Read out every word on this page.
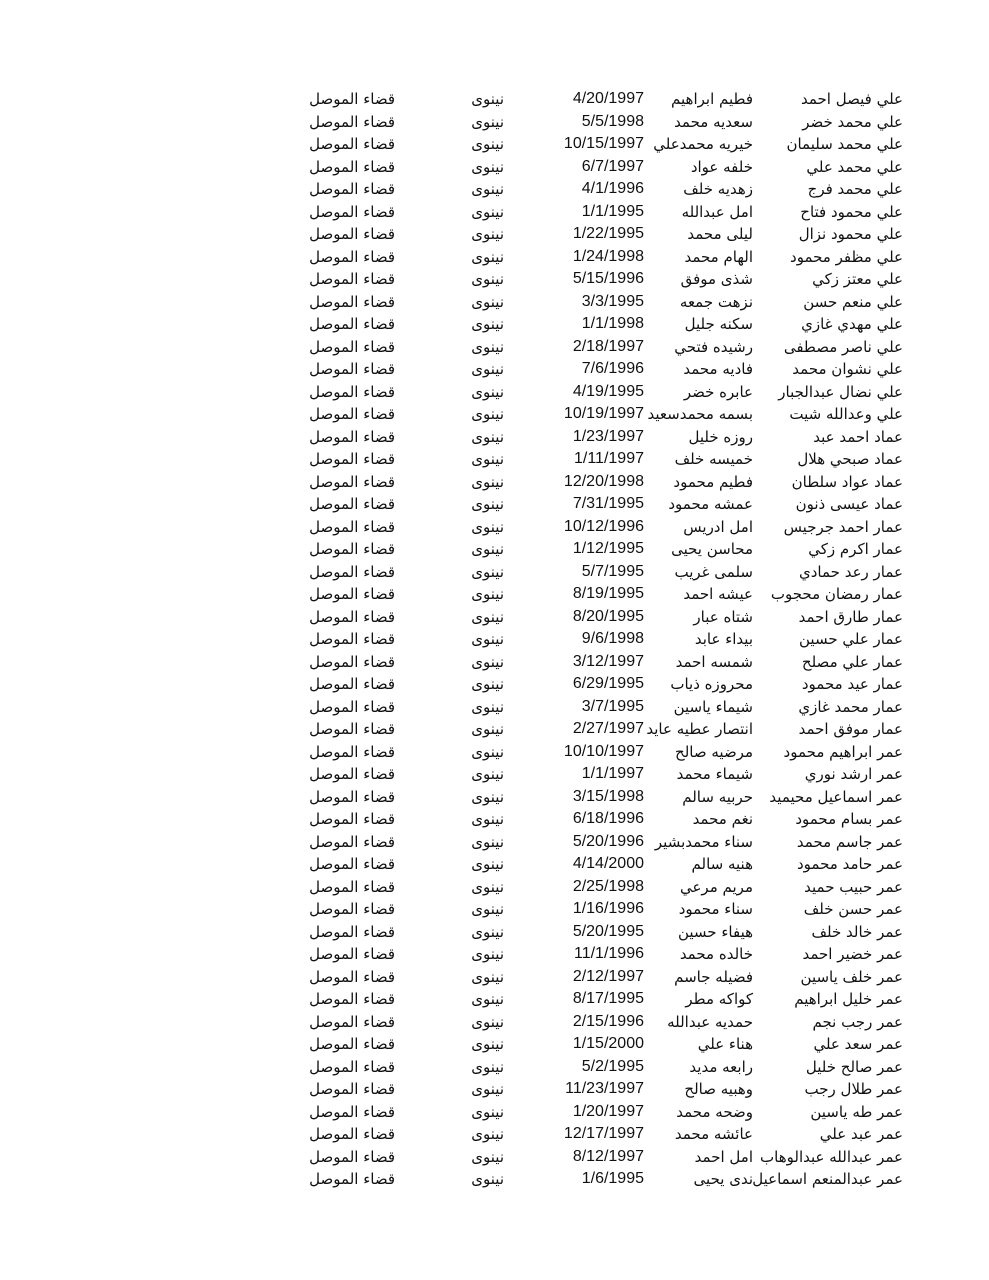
علي فيصل احمد
فطيم ابراهيم
4/20/1997
نينوى
قضاء الموصل
علي محمد خضر
سعديه محمد
5/5/1998
نينوى
قضاء الموصل
علي محمد سليمان
خيريه محمدعلي
10/15/1997
نينوى
قضاء الموصل
علي محمد علي
خلفه عواد
6/7/1997
نينوى
قضاء الموصل
علي محمد فرج
زهديه خلف
4/1/1996
نينوى
قضاء الموصل
علي محمود فتاح
امل عبدالله
1/1/1995
نينوى
قضاء الموصل
علي محمود نزال
ليلى محمد
1/22/1995
نينوى
قضاء الموصل
علي مظفر محمود
الهام محمد
1/24/1998
نينوى
قضاء الموصل
علي معتز زكي
شذى موفق
5/15/1996
نينوى
قضاء الموصل
علي منعم حسن
نزهت جمعه
3/3/1995
نينوى
قضاء الموصل
علي مهدي غازي
سكنه جليل
1/1/1998
نينوى
قضاء الموصل
علي ناصر مصطفى
رشيده فتحي
2/18/1997
نينوى
قضاء الموصل
علي نشوان محمد
فاديه محمد
7/6/1996
نينوى
قضاء الموصل
علي نضال عبدالجبار
عابره خضر
4/19/1995
نينوى
قضاء الموصل
علي وعدالله شيت
بسمه محمدسعيد
10/19/1997
نينوى
قضاء الموصل
عماد احمد عبد
روزه خليل
1/23/1997
نينوى
قضاء الموصل
عماد صبحي هلال
خميسه خلف
1/11/1997
نينوى
قضاء الموصل
عماد عواد سلطان
فطيم محمود
12/20/1998
نينوى
قضاء الموصل
عماد عيسى ذنون
عمشه محمود
7/31/1995
نينوى
قضاء الموصل
عمار احمد جرجيس
امل ادريس
10/12/1996
نينوى
قضاء الموصل
عمار اكرم زكي
محاسن يحيى
1/12/1995
نينوى
قضاء الموصل
عمار رعد حمادي
سلمى غريب
5/7/1995
نينوى
قضاء الموصل
عمار رمضان محجوب
عيشه احمد
8/19/1995
نينوى
قضاء الموصل
عمار طارق احمد
شتاه عبار
8/20/1995
نينوى
قضاء الموصل
عمار علي حسين
بيداء عابد
9/6/1998
نينوى
قضاء الموصل
عمار علي مصلح
شمسه احمد
3/12/1997
نينوى
قضاء الموصل
عمار عيد محمود
محروزه ذياب
6/29/1995
نينوى
قضاء الموصل
عمار محمد غازي
شيماء ياسين
3/7/1995
نينوى
قضاء الموصل
عمار موفق احمد
انتصار عطيه عايد
2/27/1997
نينوى
قضاء الموصل
عمر ابراهيم محمود
مرضيه صالح
10/10/1997
نينوى
قضاء الموصل
عمر ارشد نوري
شيماء محمد
1/1/1997
نينوى
قضاء الموصل
عمر اسماعيل محيميد
حربيه سالم
3/15/1998
نينوى
قضاء الموصل
عمر بسام محمود
نغم محمد
6/18/1996
نينوى
قضاء الموصل
عمر جاسم محمد
سناء محمدبشير
5/20/1996
نينوى
قضاء الموصل
عمر حامد محمود
هنيه سالم
4/14/2000
نينوى
قضاء الموصل
عمر حبيب حميد
مريم مرعي
2/25/1998
نينوى
قضاء الموصل
عمر حسن خلف
سناء محمود
1/16/1996
نينوى
قضاء الموصل
عمر خالد خلف
هيفاء حسين
5/20/1995
نينوى
قضاء الموصل
عمر خضير احمد
خالده محمد
11/1/1996
نينوى
قضاء الموصل
عمر خلف ياسين
فضيله جاسم
2/12/1997
نينوى
قضاء الموصل
عمر خليل ابراهيم
كواكه مطر
8/17/1995
نينوى
قضاء الموصل
عمر رجب نجم
حمديه عبدالله
2/15/1996
نينوى
قضاء الموصل
عمر سعد علي
هناء علي
1/15/2000
نينوى
قضاء الموصل
عمر صالح خليل
رابعه مديد
5/2/1995
نينوى
قضاء الموصل
عمر طلال رجب
وهبيه صالح
11/23/1997
نينوى
قضاء الموصل
عمر طه ياسين
وضحه محمد
1/20/1997
نينوى
قضاء الموصل
عمر عبد علي
عائشه محمد
12/17/1997
نينوى
قضاء الموصل
عمر عبدالله عبدالوهاب
امل احمد
8/12/1997
نينوى
قضاء الموصل
عمر عبدالمنعم اسماعيل
ندى يحيى
1/6/1995
نينوى
قضاء الموصل
